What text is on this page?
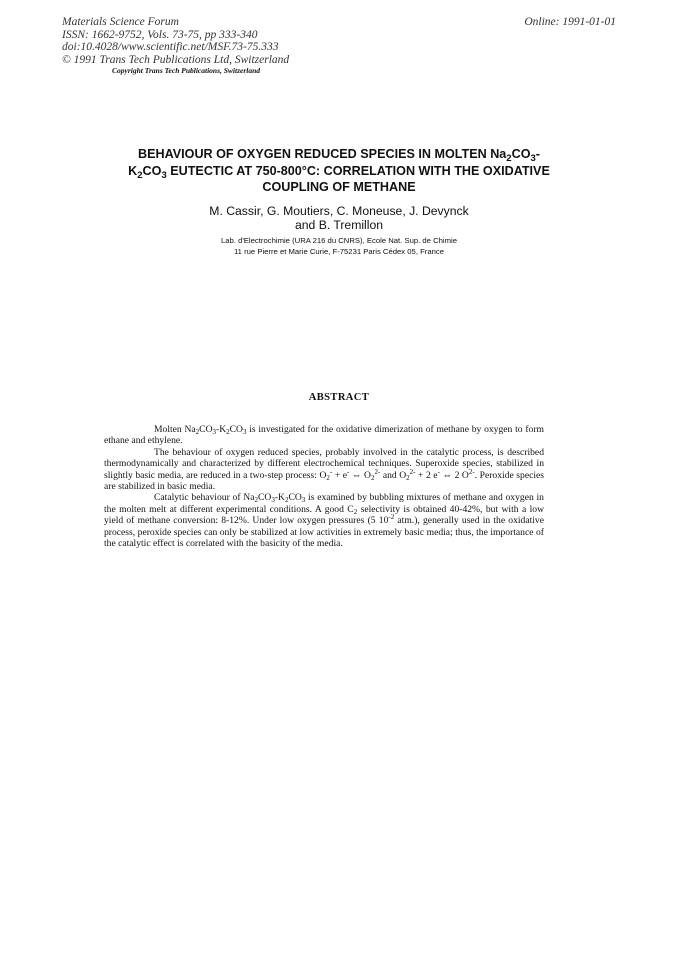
Materials Science Forum
ISSN: 1662-9752, Vols. 73-75, pp 333-340
doi:10.4028/www.scientific.net/MSF.73-75.333
© 1991 Trans Tech Publications Ltd, Switzerland
Online: 1991-01-01
Copyright Trans Tech Publications, Switzerland
BEHAVIOUR OF OXYGEN REDUCED SPECIES IN MOLTEN $Na_2CO_3-$
$K_2CO_3$ EUTECTIC AT 750-800°C: CORRELATION WITH THE OXIDATIVE
COUPLING OF METHANE
M. Cassir, G. Moutiers, C. Moneuse, J. Devynck
and B. Tremillon
Lab. d'Electrochimie (URA 216 du CNRS), Ecole Nat. Sup. de Chimie
11 rue Pierre et Marie Curie, F-75231 Paris Cédex 05, France
ABSTRACT

Molten $Na_2CO_3-K_2CO_3$ is investigated for the oxidative dimerization of methane by oxygen to form ethane and ethylene.

The behaviour of oxygen reduced species, probably involved in the catalytic process, is described thermodynamically and characterized by different electrochemical techniques. Superoxide species, stabilized in slightly basic media, are reduced in a two-step process: $O_2^- + e^-$ ⇔ $O_2^{2-}$ and $O_2^{2-} + 2$ e- ⇔ 2 $O^{2-}$. Peroxide species are stabilized in basic media.

Catalytic behaviour of $Na_2CO_3-K_2CO_3$ is examined by bubbling mixtures of methane and oxygen in the molten melt at different experimental conditions. A good $C_2$ selectivity is obtained 40-42%, but with a low yield of methane conversion: 8-12%. Under low oxygen pressures (5 $10^{-2}$ atm.), generally used in the oxidative process, peroxide species can only be stabilized at low activities in extremely basic media; thus, the importance of the catalytic effect is correlated with the basicity of the media.
